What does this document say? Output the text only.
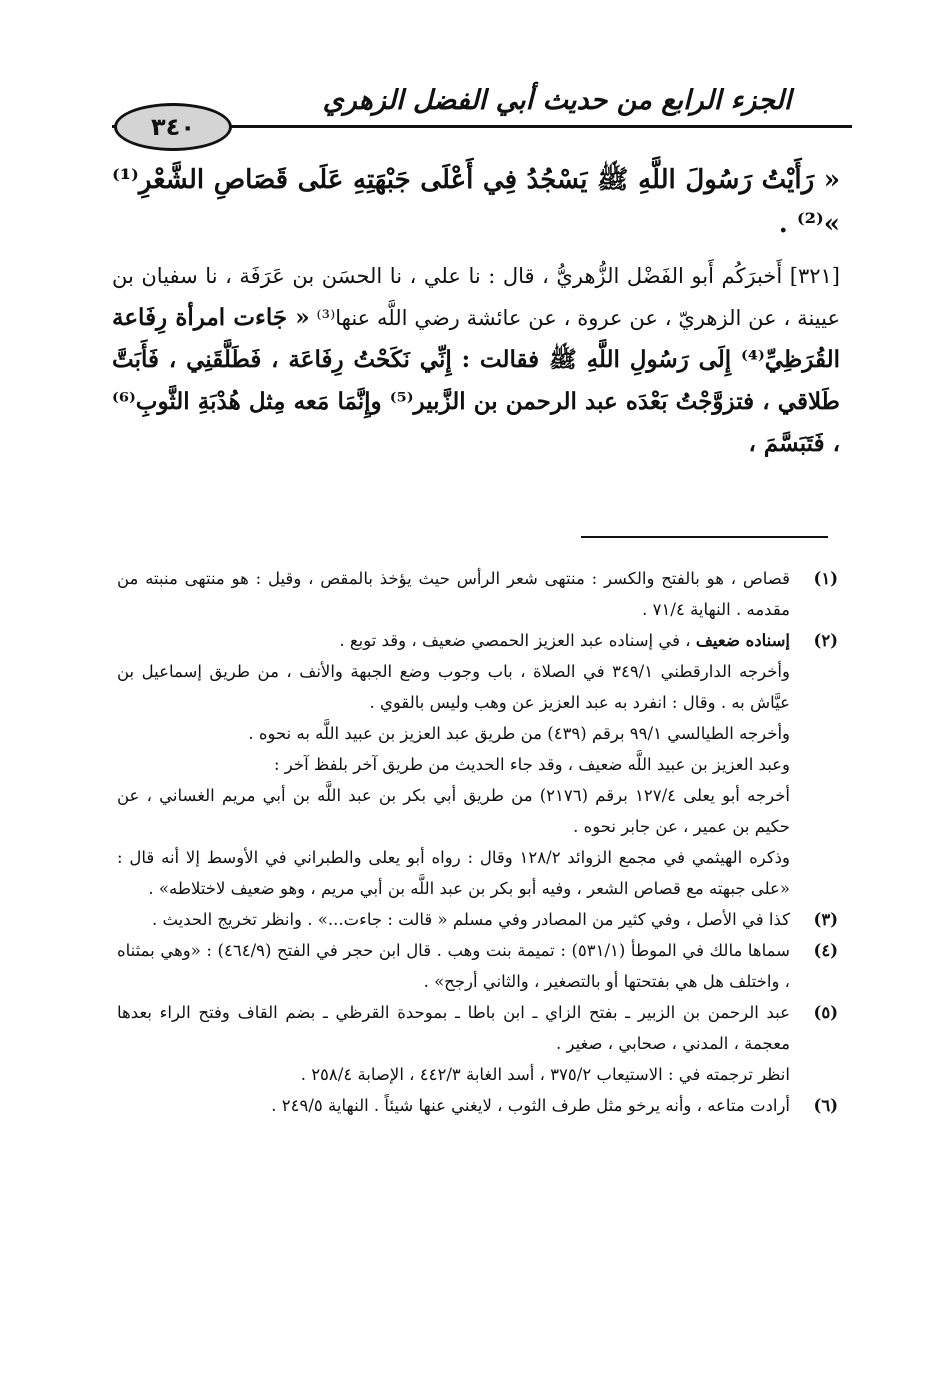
الجزء الرابع من حديث أبي الفضل الزهري
٣٤٠

« رَأَيْتُ رَسُولَ اللَّهِ ﷺ يَسْجُدُ فِي أَعْلَى جَبْهَتِهِ عَلَى قَصَاصِ الشَّعْرِ⁽¹⁾ »⁽²⁾ .

[٣٢١] أَخبرَكُم أَبو الفَضْل الزُّهريُّ ، قال : نا علي ، نا الحسَن بن عَرَفَة ، نا سفيان بن عيينة ، عن الزهريّ ، عن عروة ، عن عائشة رضي اللَّه عنها⁽³⁾ « جَاءت امرأة رِفَاعة القُرَظِيِّ⁽⁴⁾ إِلَى رَسُولِ اللَّهِ ﷺ فقالت : إِنِّي نَكَحْتُ رِفَاعَة ، فَطَلَّقَنِي ، فَأَبَتَّ طَلاقي ، فتزوَّجْتُ بَعْدَه عبد الرحمن بن الزَّبير⁽⁵⁾ وإِنَّمَا مَعه مِثل هُدْبَةِ الثَّوبِ⁽⁶⁾ ، فَتَبَسَّمَ ،

(١)

قصاص ، هو بالفتح والكسر : منتهى شعر الرأس حيث يؤخذ بالمقص ، وقيل : هو منتهى منبته من مقدمه . النهاية ٧١/٤ .

(٢)

إسناده ضعيف ، في إسناده عبد العزيز الحمصي ضعيف ، وقد توبع .

وأخرجه الدارقطني ٣٤٩/١ في الصلاة ، باب وجوب وضع الجبهة والأنف ، من طريق إسماعيل بن عيَّاش به . وقال : انفرد به عبد العزيز عن وهب وليس بالقوي .

وأخرجه الطيالسي ٩٩/١ برقم (٤٣٩) من طريق عبد العزيز بن عبيد اللَّه به نحوه .

وعبد العزيز بن عبيد اللَّه ضعيف ، وقد جاء الحديث من طريق آخر بلفظ آخر :

أخرجه أبو يعلى ١٢٧/٤ برقم (٢١٧٦) من طريق أبي بكر بن عبد اللَّه بن أبي مريم الغساني ، عن حكيم بن عمير ، عن جابر نحوه .

وذكره الهيثمي في مجمع الزوائد ١٢٨/٢ وقال : رواه أبو يعلى والطبراني في الأوسط إلا أنه قال : «على جبهته مع قصاص الشعر ، وفيه أبو بكر بن عبد اللَّه بن أبي مريم ، وهو ضعيف لاختلاطه» .

(٣)

كذا في الأصل ، وفي كثير من المصادر وفي مسلم « قالت : جاءت...» . وانظر تخريج الحديث .

(٤)

سماها مالك في الموطأ (٥٣١/١) : تميمة بنت وهب . قال ابن حجر في الفتح (٤٦٤/٩) : «وهي بمثناه ، واختلف هل هي بفتحتها أو بالتصغير ، والثاني أرجح» .

(٥)

عبد الرحمن بن الزبير ـ بفتح الزاي ـ ابن باطا ـ بموحدة القرظي ـ بضم القاف وفتح الراء بعدها معجمة ، المدني ، صحابي ، صغير .

انظر ترجمته في : الاستيعاب ٣٧٥/٢ ، أسد الغابة ٤٤٢/٣ ، الإصابة ٢٥٨/٤ .

(٦)

أرادت متاعه ، وأنه يرخو مثل طرف الثوب ، لايغني عنها شيئاً . النهاية ٢٤٩/٥ .
